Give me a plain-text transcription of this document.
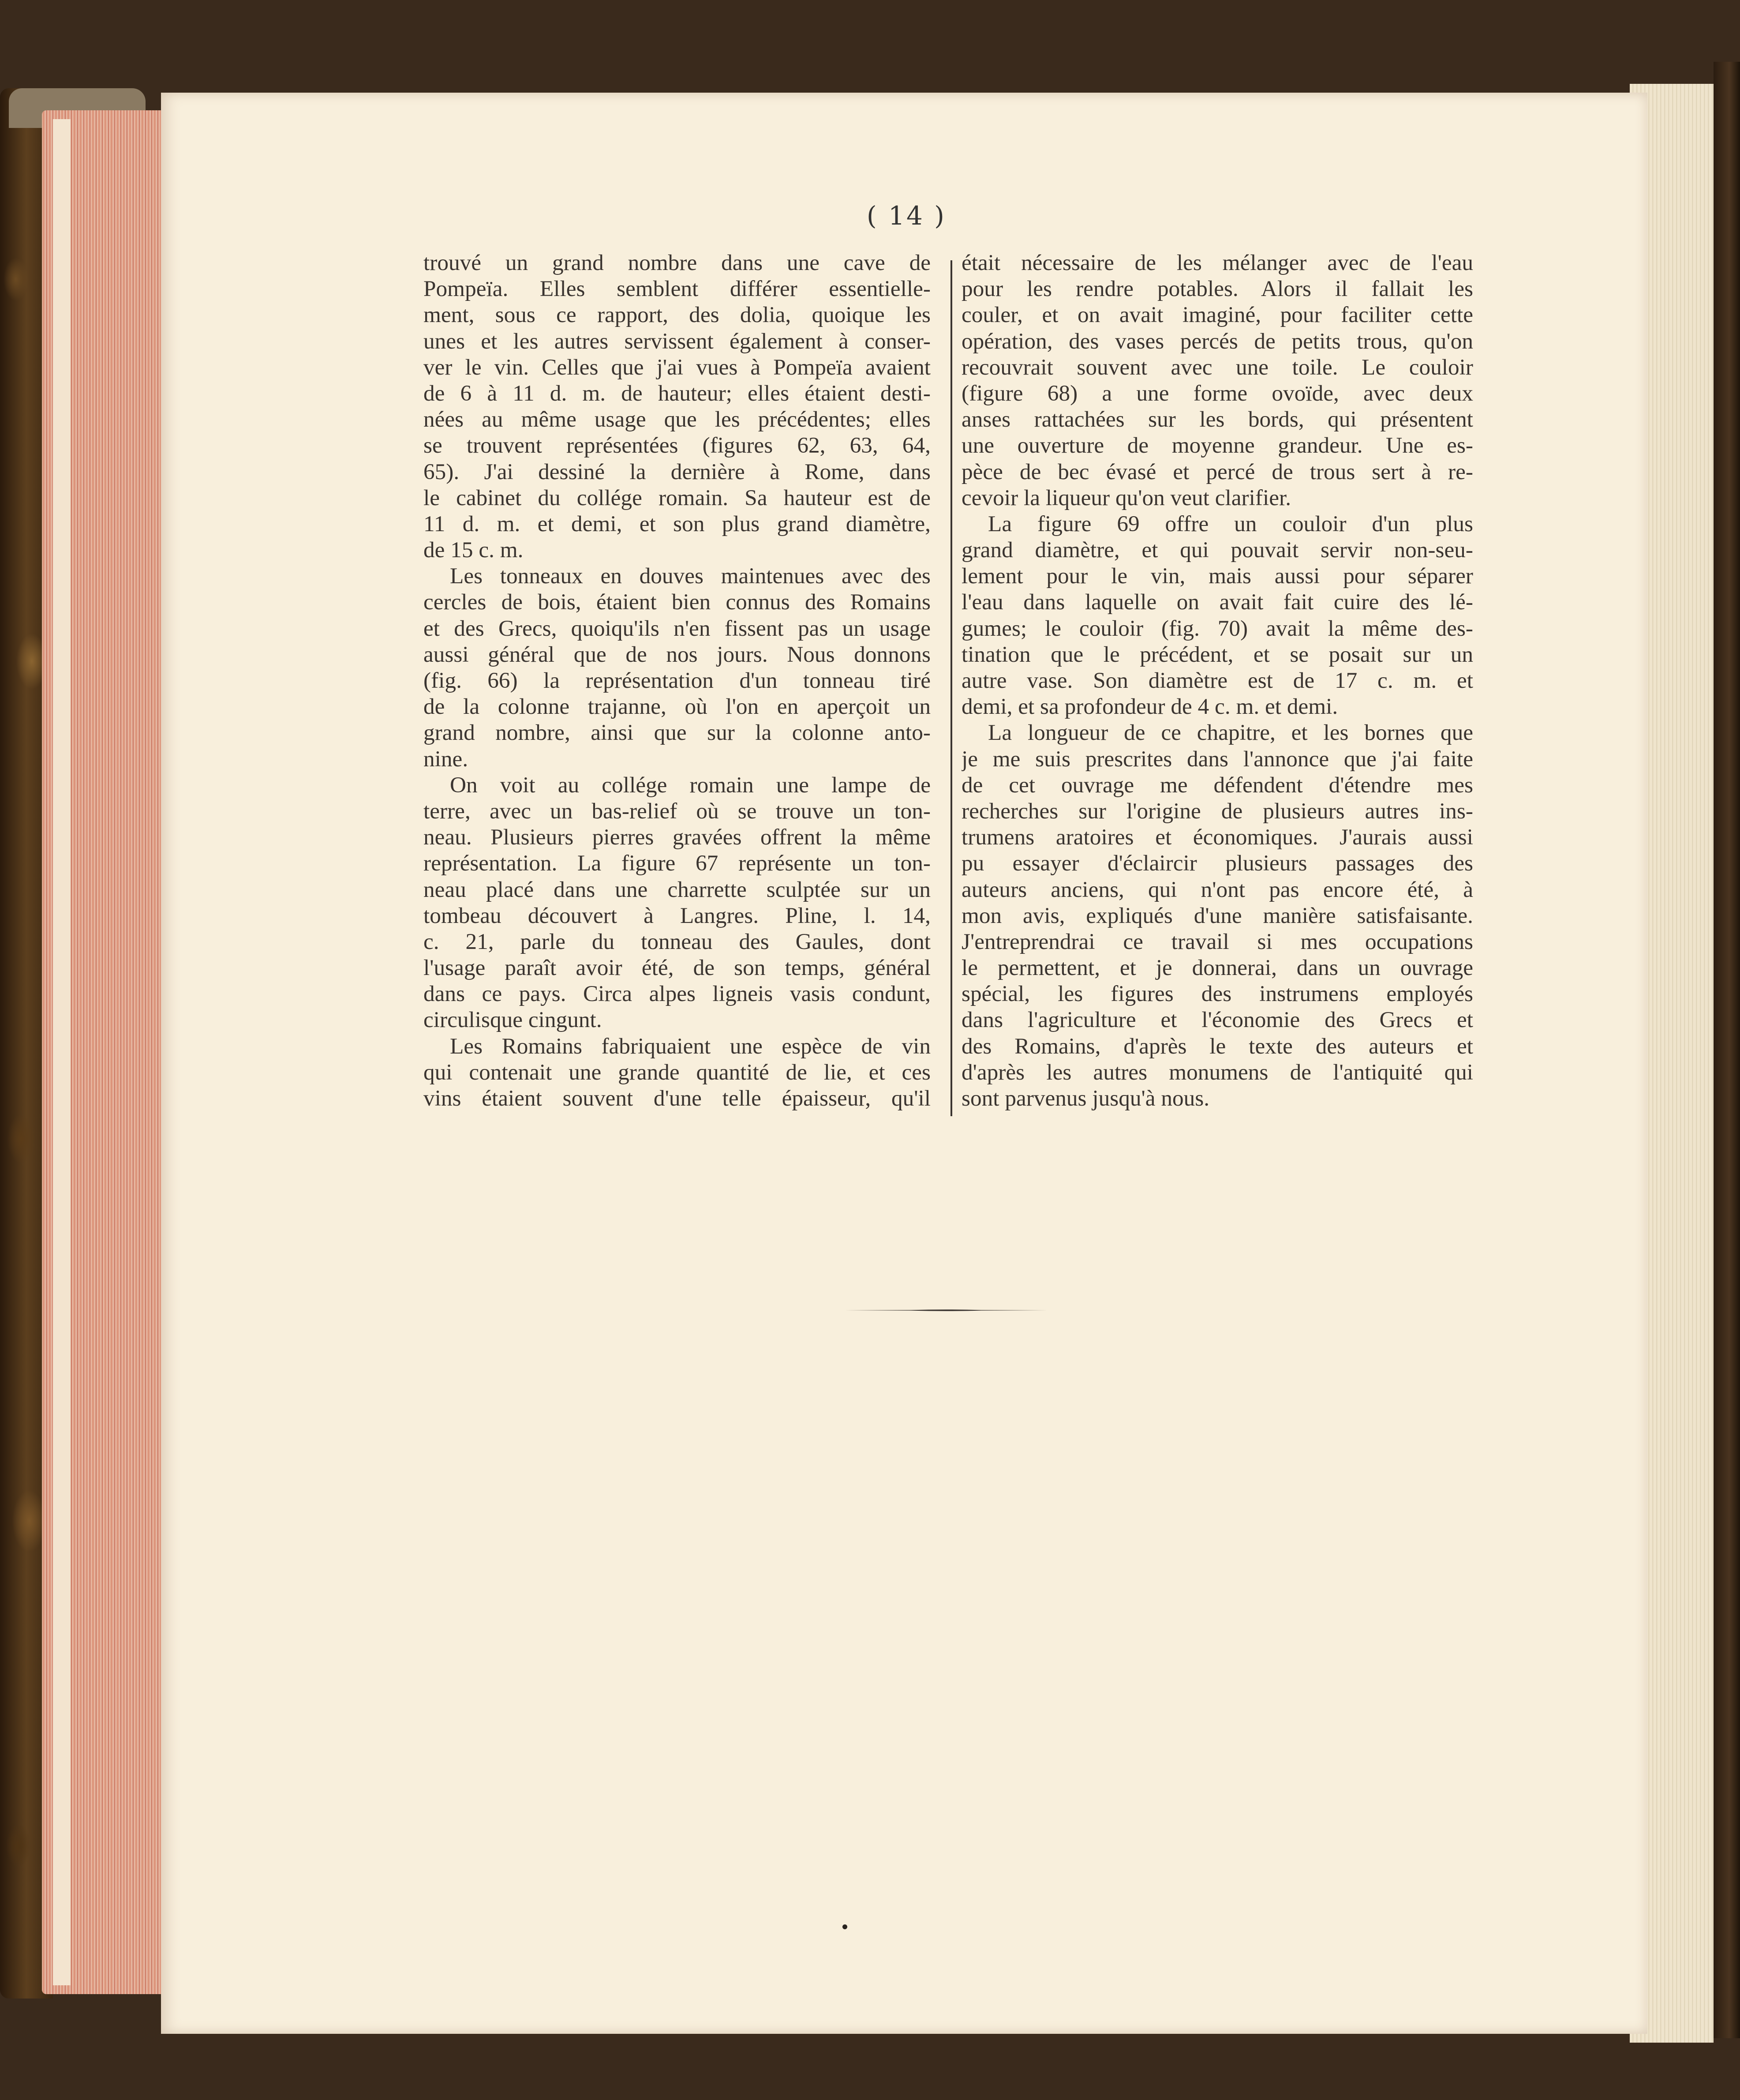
( 14 )
trouvé un grand nombre dans une cave de
Pompeïa. Elles semblent différer essentielle-
ment, sous ce rapport, des dolia, quoique les
unes et les autres servissent également à conser-
ver le vin. Celles que j'ai vues à Pompeïa avaient
de 6 à 11 d. m. de hauteur; elles étaient desti-
nées au même usage que les précédentes; elles
se trouvent représentées (figures 62, 63, 64,
65). J'ai dessiné la dernière à Rome, dans
le cabinet du collége romain. Sa hauteur est de
11 d. m. et demi, et son plus grand diamètre,
de 15 c. m.
Les tonneaux en douves maintenues avec des
cercles de bois, étaient bien connus des Romains
et des Grecs, quoiqu'ils n'en fissent pas un usage
aussi général que de nos jours. Nous donnons
(fig. 66) la représentation d'un tonneau tiré
de la colonne trajanne, où l'on en aperçoit un
grand nombre, ainsi que sur la colonne anto-
nine.
On voit au collége romain une lampe de
terre, avec un bas-relief où se trouve un ton-
neau. Plusieurs pierres gravées offrent la même
représentation. La figure 67 représente un ton-
neau placé dans une charrette sculptée sur un
tombeau découvert à Langres. Pline, l. 14,
c. 21, parle du tonneau des Gaules, dont
l'usage paraît avoir été, de son temps, général
dans ce pays. Circa alpes ligneis vasis condunt,
circulisque cingunt.
Les Romains fabriquaient une espèce de vin
qui contenait une grande quantité de lie, et ces
vins étaient souvent d'une telle épaisseur, qu'il
était nécessaire de les mélanger avec de l'eau
pour les rendre potables. Alors il fallait les
couler, et on avait imaginé, pour faciliter cette
opération, des vases percés de petits trous, qu'on
recouvrait souvent avec une toile. Le couloir
(figure 68) a une forme ovoïde, avec deux
anses rattachées sur les bords, qui présentent
une ouverture de moyenne grandeur. Une es-
pèce de bec évasé et percé de trous sert à re-
cevoir la liqueur qu'on veut clarifier.
La figure 69 offre un couloir d'un plus
grand diamètre, et qui pouvait servir non-seu-
lement pour le vin, mais aussi pour séparer
l'eau dans laquelle on avait fait cuire des lé-
gumes; le couloir (fig. 70) avait la même des-
tination que le précédent, et se posait sur un
autre vase. Son diamètre est de 17 c. m. et
demi, et sa profondeur de 4 c. m. et demi.
La longueur de ce chapitre, et les bornes que
je me suis prescrites dans l'annonce que j'ai faite
de cet ouvrage me défendent d'étendre mes
recherches sur l'origine de plusieurs autres ins-
trumens aratoires et économiques. J'aurais aussi
pu essayer d'éclaircir plusieurs passages des
auteurs anciens, qui n'ont pas encore été, à
mon avis, expliqués d'une manière satisfaisante.
J'entreprendrai ce travail si mes occupations
le permettent, et je donnerai, dans un ouvrage
spécial, les figures des instrumens employés
dans l'agriculture et l'économie des Grecs et
des Romains, d'après le texte des auteurs et
d'après les autres monumens de l'antiquité qui
sont parvenus jusqu'à nous.
